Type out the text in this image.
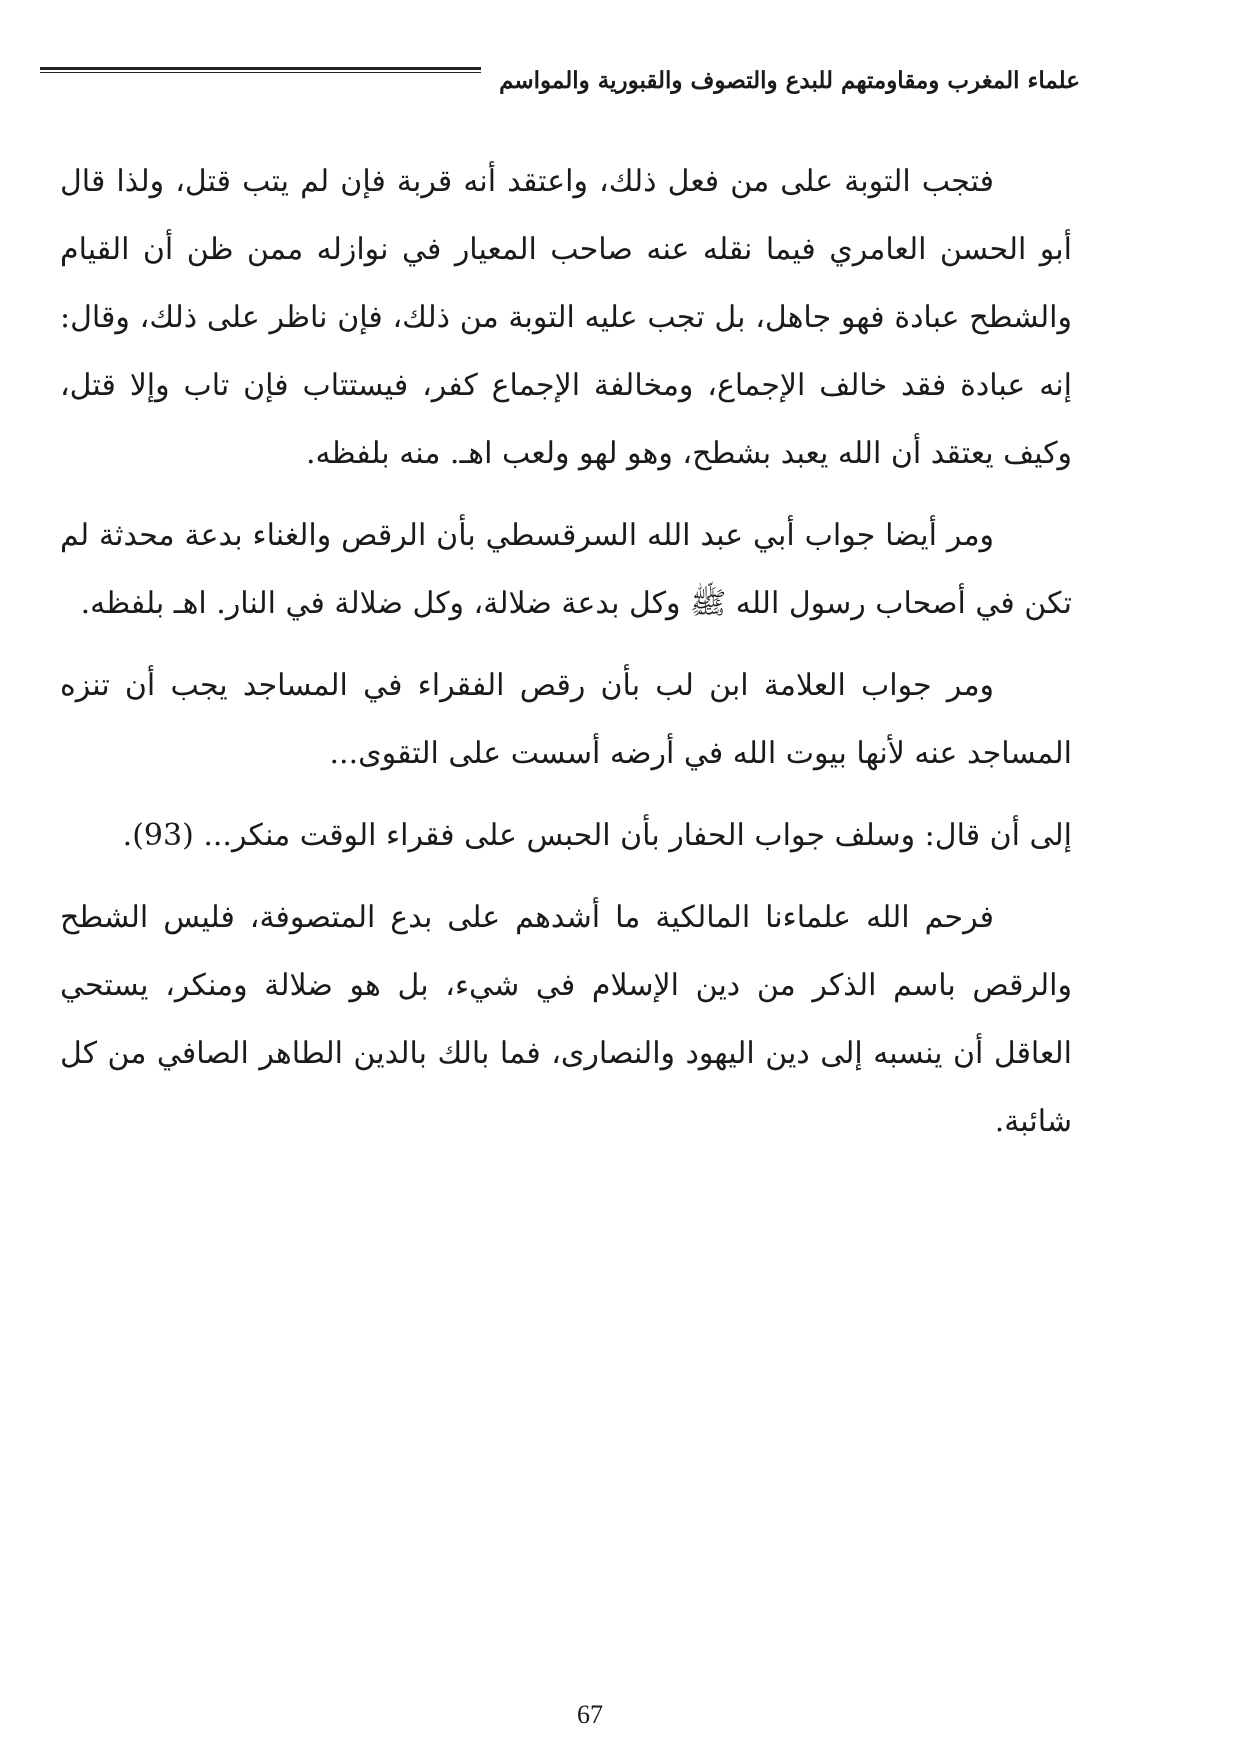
علماء المغرب ومقاومتهم للبدع والتصوف والقبورية والمواسم

فتجب التوبة على من فعل ذلك، واعتقد أنه قربة فإن لم يتب قتل، ولذا قال أبو الحسن العامري فيما نقله عنه صاحب المعيار في نوازله ممن ظن أن القيام والشطح عبادة فهو جاهل، بل تجب عليه التوبة من ذلك، فإن ناظر على ذلك، وقال: إنه عبادة فقد خالف الإجماع، ومخالفة الإجماع كفر، فيستتاب فإن تاب وإلا قتل، وكيف يعتقد أن الله يعبد بشطح، وهو لهو ولعب اهـ. منه بلفظه.

ومر أيضا جواب أبي عبد الله السرقسطي بأن الرقص والغناء بدعة محدثة لم تكن في أصحاب رسول الله ﷺ وكل بدعة ضلالة، وكل ضلالة في النار. اهـ بلفظه.

ومر جواب العلامة ابن لب بأن رقص الفقراء في المساجد يجب أن تنزه المساجد عنه لأنها بيوت الله في أرضه أسست على التقوى...

إلى أن قال: وسلف جواب الحفار بأن الحبس على فقراء الوقت منكر... (93).

فرحم الله علماءنا المالكية ما أشدهم على بدع المتصوفة، فليس الشطح والرقص باسم الذكر من دين الإسلام في شيء، بل هو ضلالة ومنكر، يستحي العاقل أن ينسبه إلى دين اليهود والنصارى، فما بالك بالدين الطاهر الصافي من كل شائبة.

67
